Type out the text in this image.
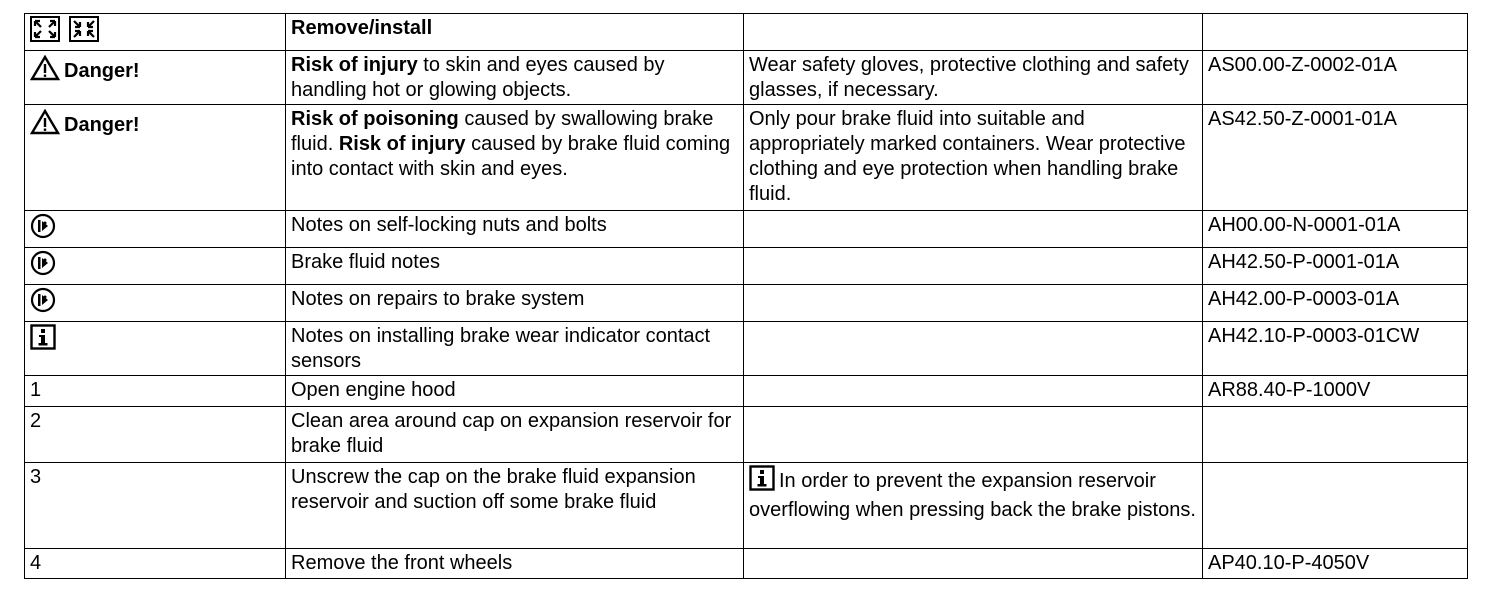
	Remove/install		
Danger!	Risk of injury to skin and eyes caused by handling hot or glowing objects.	Wear safety gloves, protective clothing and safety glasses, if necessary.	AS00.00-Z-0002-01A
Danger!	Risk of poisoning caused by swallowing brake fluid. Risk of injury caused by brake fluid coming into contact with skin and eyes.	Only pour brake fluid into suitable and appropriately marked containers. Wear protective clothing and eye protection when handling brake fluid.	AS42.50-Z-0001-01A
	Notes on self-locking nuts and bolts		AH00.00-N-0001-01A
	Brake fluid notes		AH42.50-P-0001-01A
	Notes on repairs to brake system		AH42.00-P-0003-01A
	Notes on installing brake wear indicator contact sensors		AH42.10-P-0003-01CW
1	Open engine hood		AR88.40-P-1000V
2	Clean area around cap on expansion reservoir for brake fluid		
3	Unscrew the cap on the brake fluid expansion reservoir and suction off some brake fluid	In order to prevent the expansion reservoir overflowing when pressing back the brake pistons.	
4	Remove the front wheels		AP40.10-P-4050V
